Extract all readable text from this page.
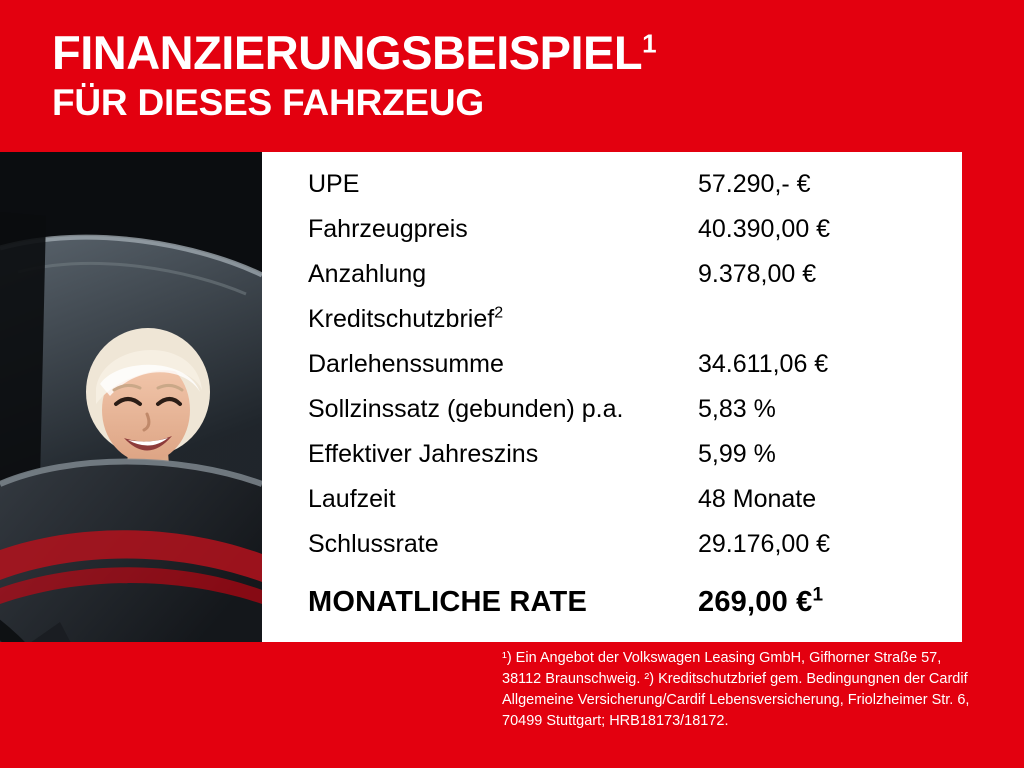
FINANZIERUNGSBEISPIEL$^1$
FÜR DIESES FAHRZEUG
UPE	57.290,- €
Fahrzeugpreis	40.390,00 €
Anzahlung	9.378,00 €
Kreditschutzbrief$^2$
Darlehenssumme	34.611,06 €
Sollzinssatz (gebunden) p.a.	5,83 %
Effektiver Jahreszins	5,99 %
Laufzeit	48 Monate
Schlussrate	29.176,00 €
MONATLICHE RATE	269,00 €$^1$

¹) Ein Angebot der Volkswagen Leasing GmbH, Gifhorner Straße 57, 38112 Braunschweig. ²) Kreditschutzbrief gem. Bedingungnen der Cardif Allgemeine Versicherung/Cardif Lebensversicherung, Friolzheimer Str. 6, 70499 Stuttgart; HRB18173/18172.
